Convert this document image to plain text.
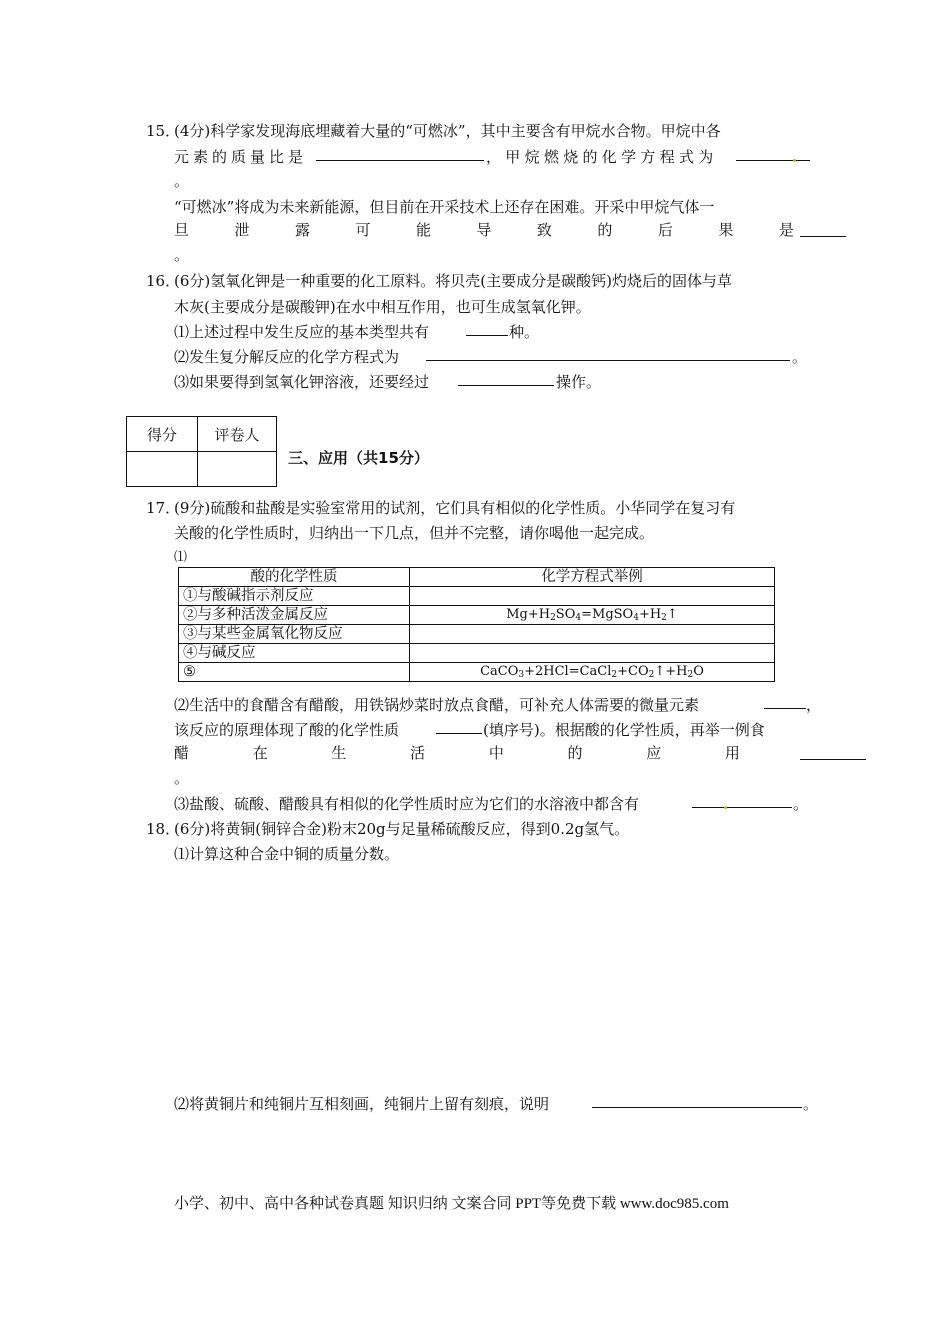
15．
(4分)科学家发现海底埋藏着大量的“可燃冰”，其中主要含有甲烷水合物。甲烷中各
元素的质量比是	，甲烷燃烧的化学方程式为
。
“可燃冰”将成为未来新能源，但目前在开采技术上还存在困难。开采中甲烷气体一
旦	泄	露	可	能	导	致	的	后	果	是
。
16．
(6分)氢氧化钾是一种重要的化工原料。将贝壳(主要成分是碳酸钙)灼烧后的固体与草
木灰(主要成分是碳酸钾)在水中相互作用，也可生成氢氧化钾。
⑴上述过程中发生反应的基本类型共有	种。
⑵发生复分解反应的化学方程式为	。
⑶如果要得到氢氧化钾溶液，还要经过	操作。
得分	评卷人

三、应用（共15分）
17．
(9分)硫酸和盐酸是实验室常用的试剂，它们具有相似的化学性质。小华同学在复习有
关酸的化学性质时，归纳出一下几点，但并不完整，请你喝他一起完成。
⑴
酸的化学性质	化学方程式举例
①与酸碱指示剂反应	
②与多种活泼金属反应	$Mg+H_2SO_4=MgSO_4+H_2↑$
③与某些金属氧化物反应	
④与碱反应	
⑤	$CaCO_3+2HCl=CaCl_2+CO_2↑+H_2O$
⑵生活中的食醋含有醋酸，用铁锅炒菜时放点食醋，可补充人体需要的微量元素	，
该反应的原理体现了酸的化学性质	(填序号)。根据酸的化学性质，再举一例食
醋	在	生	活	中	的	应	用
。
⑶盐酸、硫酸、醋酸具有相似的化学性质时应为它们的水溶液中都含有	。
18．
(6分)将黄铜(铜锌合金)粉末20g与足量稀硫酸反应，得到0.2g氢气。
⑴计算这种合金中铜的质量分数。
⑵将黄铜片和纯铜片互相刻画，纯铜片上留有刻痕，说明	。
小学、初中、高中各种试卷真题 知识归纳 文案合同 PPT等免费下载 www.doc985.com
